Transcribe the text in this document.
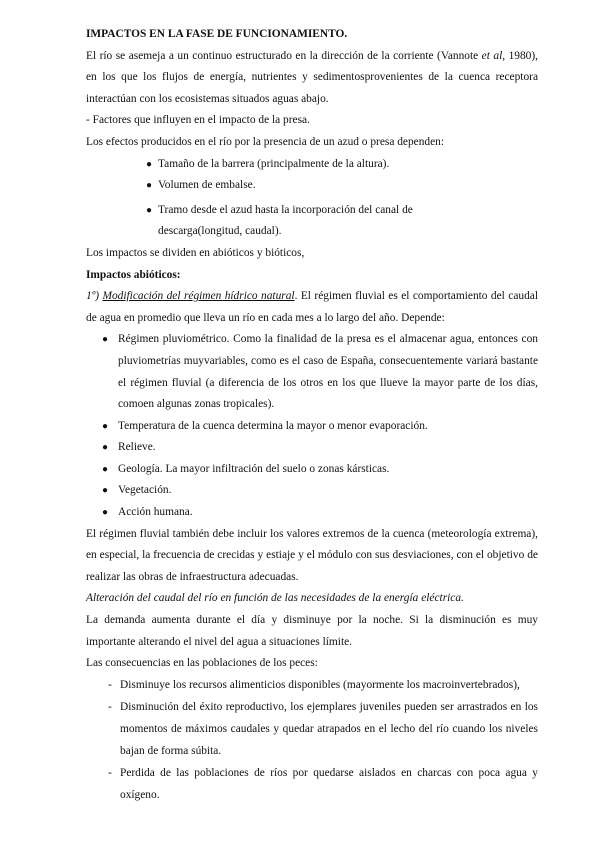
IMPACTOS EN LA FASE DE FUNCIONAMIENTO.

El río se asemeja a un continuo estructurado en la dirección de la corriente (Vannote et al, 1980), en los que los flujos de energía, nutrientes y sedimentosprovenientes de la cuenca receptora interactúan con los ecosistemas situados aguas abajo.

- Factores que influyen en el impacto de la presa.

Los efectos producidos en el río por la presencia de un azud o presa dependen:

● Tamaño de la barrera (principalmente de la altura).
● Volumen de embalse.
● Tramo desde el azud hasta la incorporación del canal de descarga(longitud, caudal).

Los impactos se dividen en abióticos y bióticos,

Impactos abióticos:

1º) Modificación del régimen hídrico natural. El régimen fluvial es el comportamiento del caudal de agua en promedio que lleva un río en cada mes a lo largo del año. Depende:

● Régimen pluviométrico. Como la finalidad de la presa es el almacenar agua, entonces con pluviometrías muyvariables, como es el caso de España, consecuentemente variará bastante el régimen fluvial (a diferencia de los otros en los que llueve la mayor parte de los días, comoen algunas zonas tropicales).
● Temperatura de la cuenca determina la mayor o menor evaporación.
● Relieve.
● Geología. La mayor infiltración del suelo o zonas kársticas.
● Vegetación.
● Acción humana.

El régimen fluvial también debe incluir los valores extremos de la cuenca (meteorología extrema), en especial, la frecuencia de crecidas y estiaje y el módulo con sus desviaciones, con el objetivo de realizar las obras de infraestructura adecuadas.

Alteración del caudal del río en función de las necesidades de la energía eléctrica.

La demanda aumenta durante el día y disminuye por la noche. Si la disminución es muy importante alterando el nivel del agua a situaciones límite.

Las consecuencias en las poblaciones de los peces:

- Disminuye los recursos alimenticios disponibles (mayormente los macroinvertebrados),
- Disminución del éxito reproductivo, los ejemplares juveniles pueden ser arrastrados en los momentos de máximos caudales y quedar atrapados en el lecho del río cuando los niveles bajan de forma súbita.
- Perdida de las poblaciones de ríos por quedarse aislados en charcas con poca agua y oxígeno.
